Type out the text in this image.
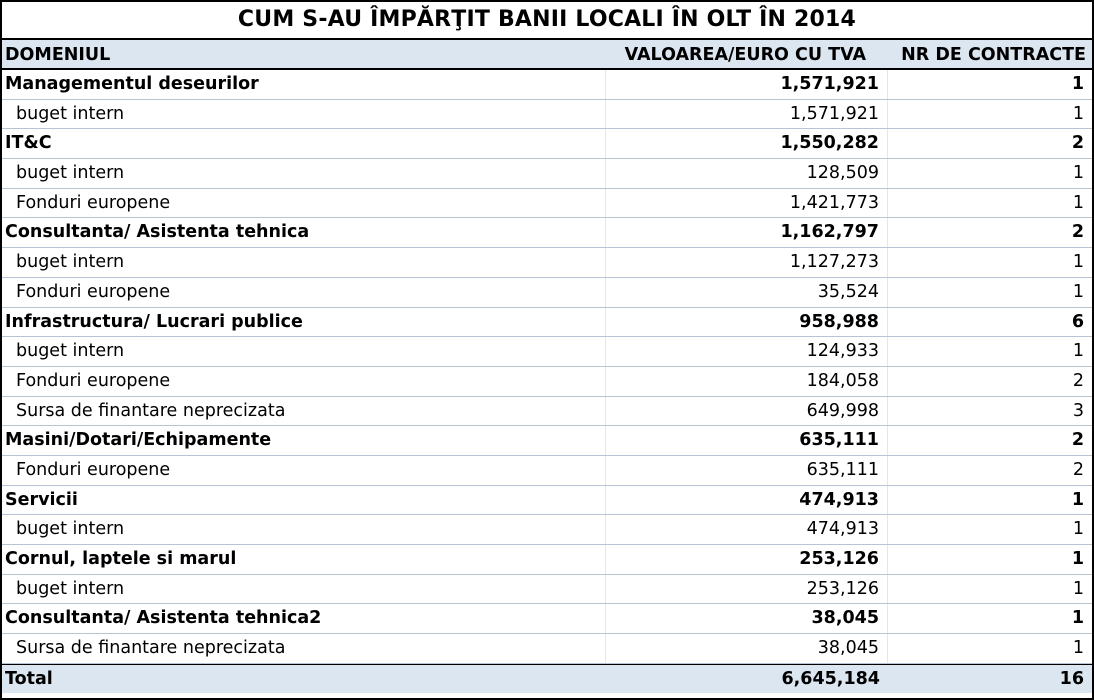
CUM S-AU ÎMPĂRŢIT BANII LOCALI ÎN OLT ÎN 2014
DOMENIUL	VALOAREA/EURO CU TVA	NR DE CONTRACTE
Managementul deseurilor	1,571,921	1
buget intern	1,571,921	1
IT&C	1,550,282	2
buget intern	128,509	1
Fonduri europene	1,421,773	1
Consultanta/ Asistenta tehnica	1,162,797	2
buget intern	1,127,273	1
Fonduri europene	35,524	1
Infrastructura/ Lucrari publice	958,988	6
buget intern	124,933	1
Fonduri europene	184,058	2
Sursa de finantare neprecizata	649,998	3
Masini/Dotari/Echipamente	635,111	2
Fonduri europene	635,111	2
Servicii	474,913	1
buget intern	474,913	1
Cornul, laptele si marul	253,126	1
buget intern	253,126	1
Consultanta/ Asistenta tehnica2	38,045	1
Sursa de finantare neprecizata	38,045	1
Total	6,645,184	16
